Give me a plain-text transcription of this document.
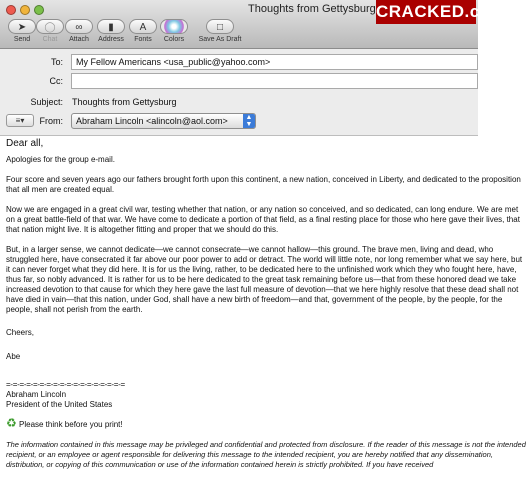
Thoughts from Gettysburg CRACKED.com
➤
Send
◯
Chat
∞
Attach
▮
Address
A
Fonts
	Colors
□
Save As Draft
To:	My Fellow Americans <usa_public@yahoo.com>
Cc:
Subject: Thoughts from Gettysburg
≡▾	From:	Abraham Lincoln <alincoln@aol.com>	▲
▼

Dear all,

Apologies for the group e-mail.

Four score and seven years ago our fathers brought forth upon this continent, a new nation, conceived in Liberty, and dedicated to the proposition that all men are created equal.

Now we are engaged in a great civil war, testing whether that nation, or any nation so conceived, and so dedicated, can long endure. We are met on a great battle-field of that war. We have come to dedicate a portion of that field, as a final resting place for those who here gave their lives, that that nation might live. It is altogether fitting and proper that we should do this.

But, in a larger sense, we cannot dedicate—we cannot consecrate—we cannot hallow—this ground. The brave men, living and dead, who struggled here, have consecrated it far above our poor power to add or detract. The world will little note, nor long remember what we say here, but it can never forget what they did here. It is for us the living, rather, to be dedicated here to the unfinished work which they who fought here, have, thus far, so nobly advanced. It is rather for us to be here dedicated to the great task remaining before us—that from these honored dead we take increased devotion to that cause for which they here gave the last full measure of devotion—that we here highly resolve that these dead shall not have died in vain—that this nation, under God, shall have a new birth of freedom—and that, government of the people, by the people, for the people, shall not perish from the earth.

Cheers,

Abe

=-=-=-=-=-=-=-=-=-=-=-=-=-=-=-=-=-=

Abraham Lincoln

President of the United States

♻ Please think before you print!

The information contained in this message may be privileged and confidential and protected from disclosure. If the reader of this message is not the intended recipient, or an employee or agent responsible for delivering this message to the intended recipient, you are hereby notified that any dissemination, distribution, or copying of this communication or use of the information contained herein is strictly prohibited. If you have received
